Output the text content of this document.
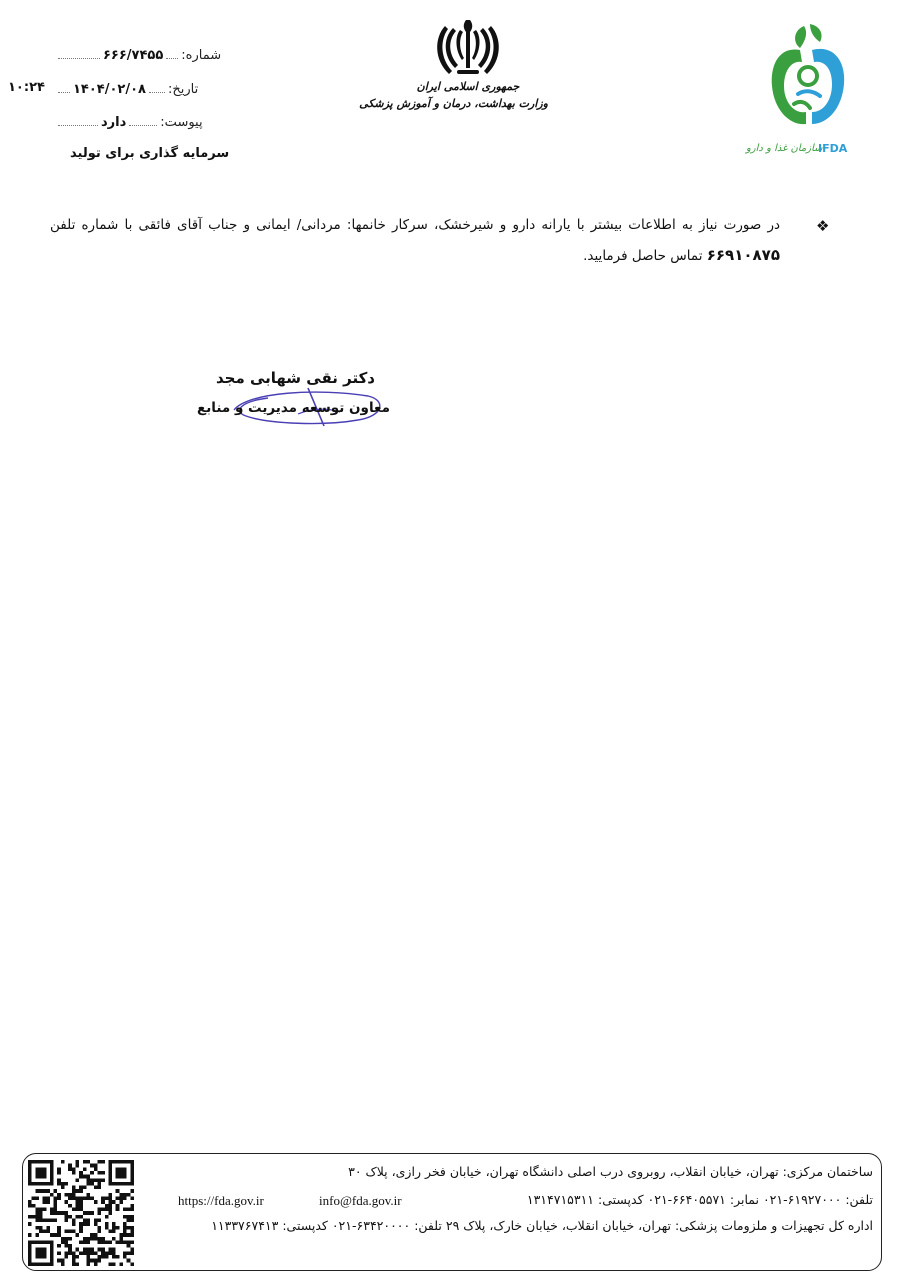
شماره:
۶۶۶/۷۴۵۵
تاریخ:
۱۴۰۴/۰۲/۰۸
۱۰:۲۴
پیوست:
دارد
سرمایه گذاری برای تولید
جمهوری اسلامی ایران
وزارت بهداشت، درمان و آموزش پزشکی
سازمان غذا و دارو
IFDA
❖
در صورت نیاز به اطلاعات بیشتر با یارانه دارو و شیرخشک، سرکار خانمها: مردانی/ ایمانی و جناب آقای فائقی با شماره تلفن ۶۶۹۱۰۸۷۵ تماس حاصل فرمایید.
دکتر نقی شهابی مجد
معاون توسعه مدیریت و منابع
ساختمان مرکزی: تهران، خیابان انقلاب، روبروی درب اصلی دانشگاه تهران، خیابان فخر رازی، پلاک ۳۰
تلفن: ۶۱۹۲۷۰۰۰-۰۲۱ نمابر: ۶۶۴۰۵۵۷۱-۰۲۱ کدپستی: ۱۳۱۴۷۱۵۳۱۱
info@fda.gov.ir
https://fda.gov.ir
اداره کل تجهیزات و ملزومات پزشکی: تهران، خیابان انقلاب، خیابان خارک، پلاک ۲۹ تلفن: ۶۳۴۲۰۰۰۰-۰۲۱ کدپستی: ۱۱۳۳۷۶۷۴۱۳
